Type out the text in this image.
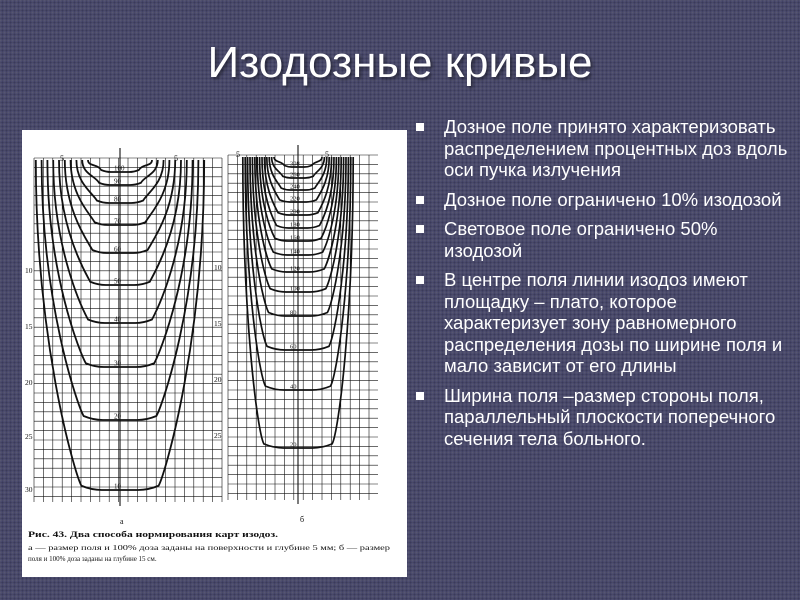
Изодозные кривые
5	5
10
15
20
25
30
100
90
80
70
60
50
40
30
20
10
а
5	5
10
15
20
25
308
260
240
220
200
180
160
140
120
100
80
60
40
20
б
Рис. 43. Два способа нормирования карт изодоз.
а — размер поля и 100% доза заданы на поверхности и глубине 5 мм; б — размер
поля и 100% доза заданы на глубине 15 см.
Дозное поле принято характеризовать распределением процентных доз вдоль оси пучка излучения
Дозное поле ограничено 10% изодозой
Световое поле ограничено 50% изодозой
В центре поля линии изодоз имеют площадку – плато, которое характеризует зону равномерного распределения дозы по ширине поля и мало зависит от его длины
Ширина поля –размер стороны поля, параллельный плоскости поперечного сечения тела больного.
